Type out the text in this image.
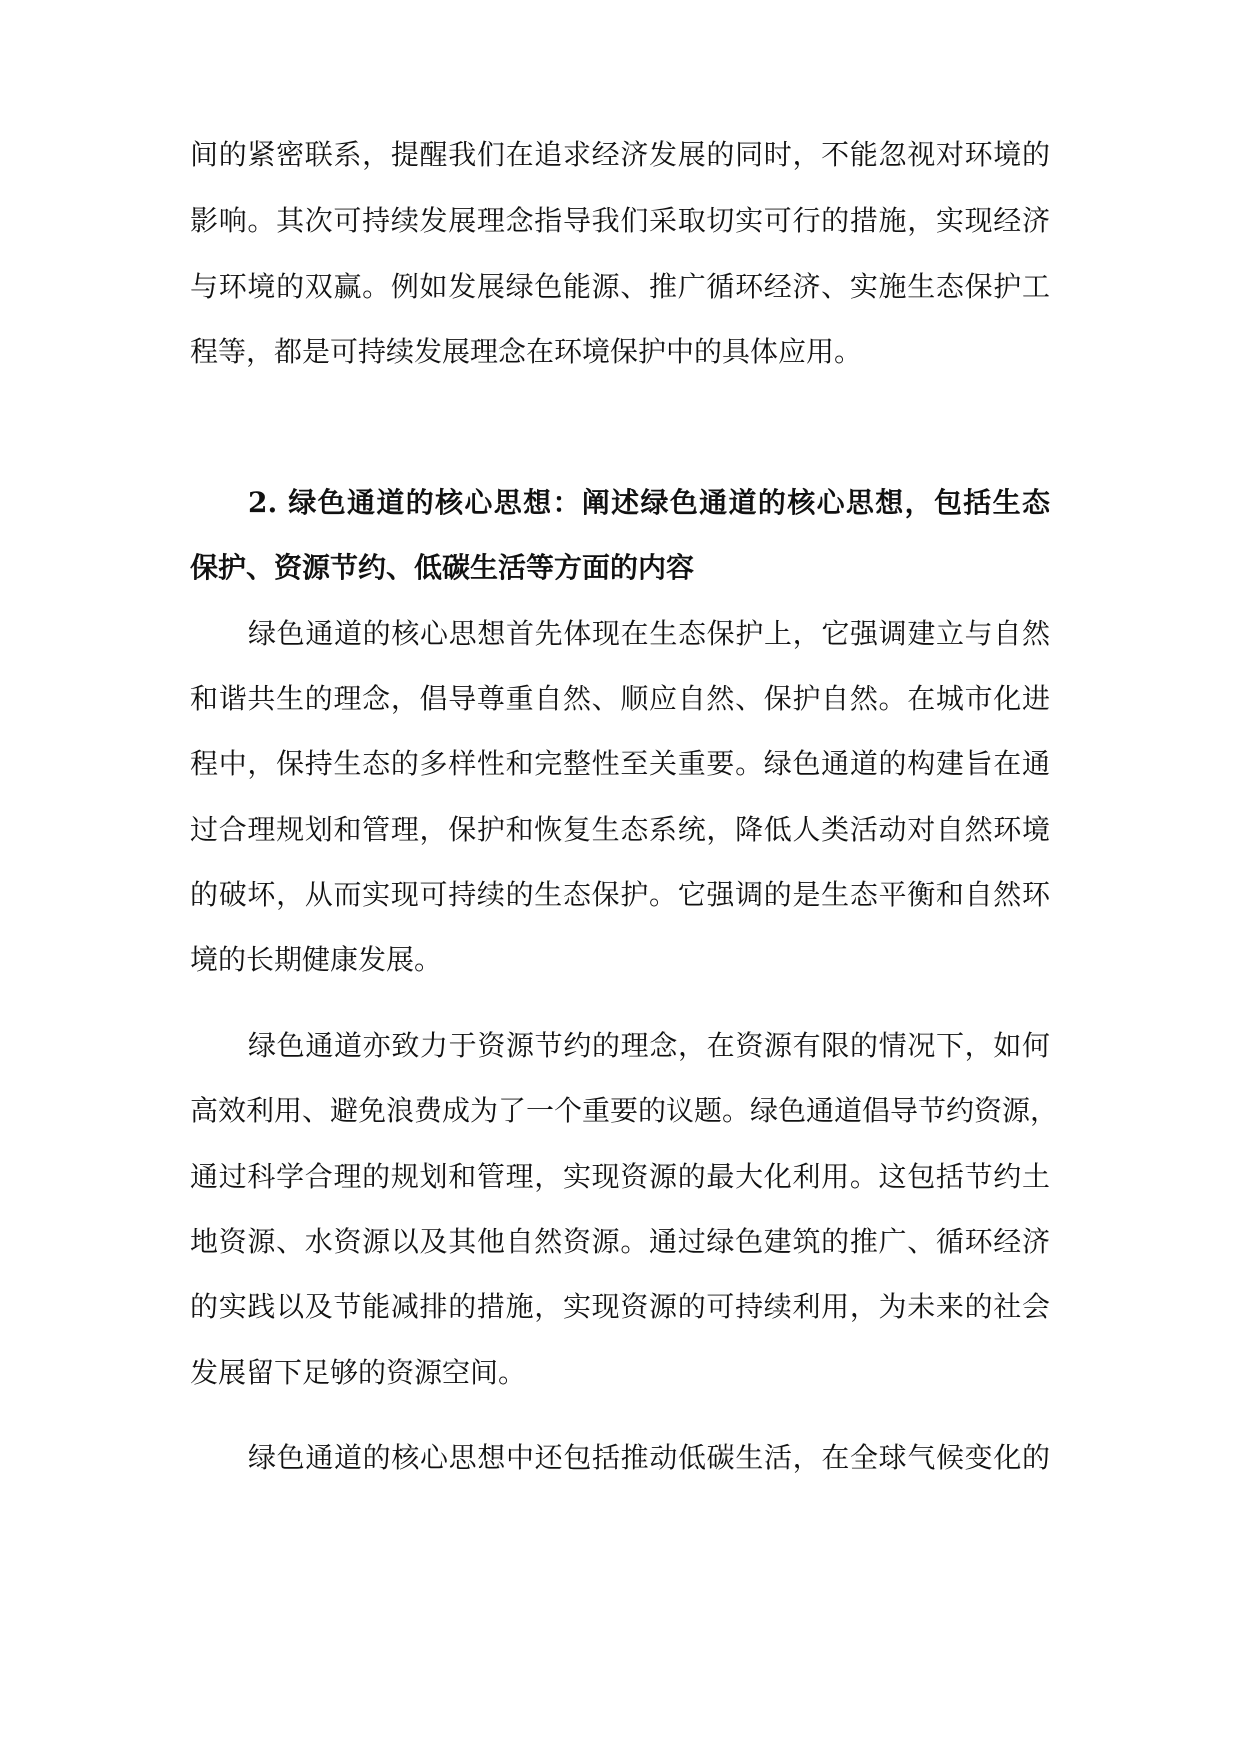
间的紧密联系，提醒我们在追求经济发展的同时，不能忽视对环境的

影响。其次可持续发展理念指导我们采取切实可行的措施，实现经济

与环境的双赢。例如发展绿色能源、推广循环经济、实施生态保护工

程等，都是可持续发展理念在环境保护中的具体应用。

2. 绿色通道的核心思想：阐述绿色通道的核心思想，包括生态

保护、资源节约、低碳生活等方面的内容

绿色通道的核心思想首先体现在生态保护上，它强调建立与自然

和谐共生的理念，倡导尊重自然、顺应自然、保护自然。在城市化进

程中，保持生态的多样性和完整性至关重要。绿色通道的构建旨在通

过合理规划和管理，保护和恢复生态系统，降低人类活动对自然环境

的破坏，从而实现可持续的生态保护。它强调的是生态平衡和自然环

境的长期健康发展。

绿色通道亦致力于资源节约的理念，在资源有限的情况下，如何

高效利用、避免浪费成为了一个重要的议题。绿色通道倡导节约资源，

通过科学合理的规划和管理，实现资源的最大化利用。这包括节约土

地资源、水资源以及其他自然资源。通过绿色建筑的推广、循环经济

的实践以及节能减排的措施，实现资源的可持续利用，为未来的社会

发展留下足够的资源空间。

绿色通道的核心思想中还包括推动低碳生活，在全球气候变化的
